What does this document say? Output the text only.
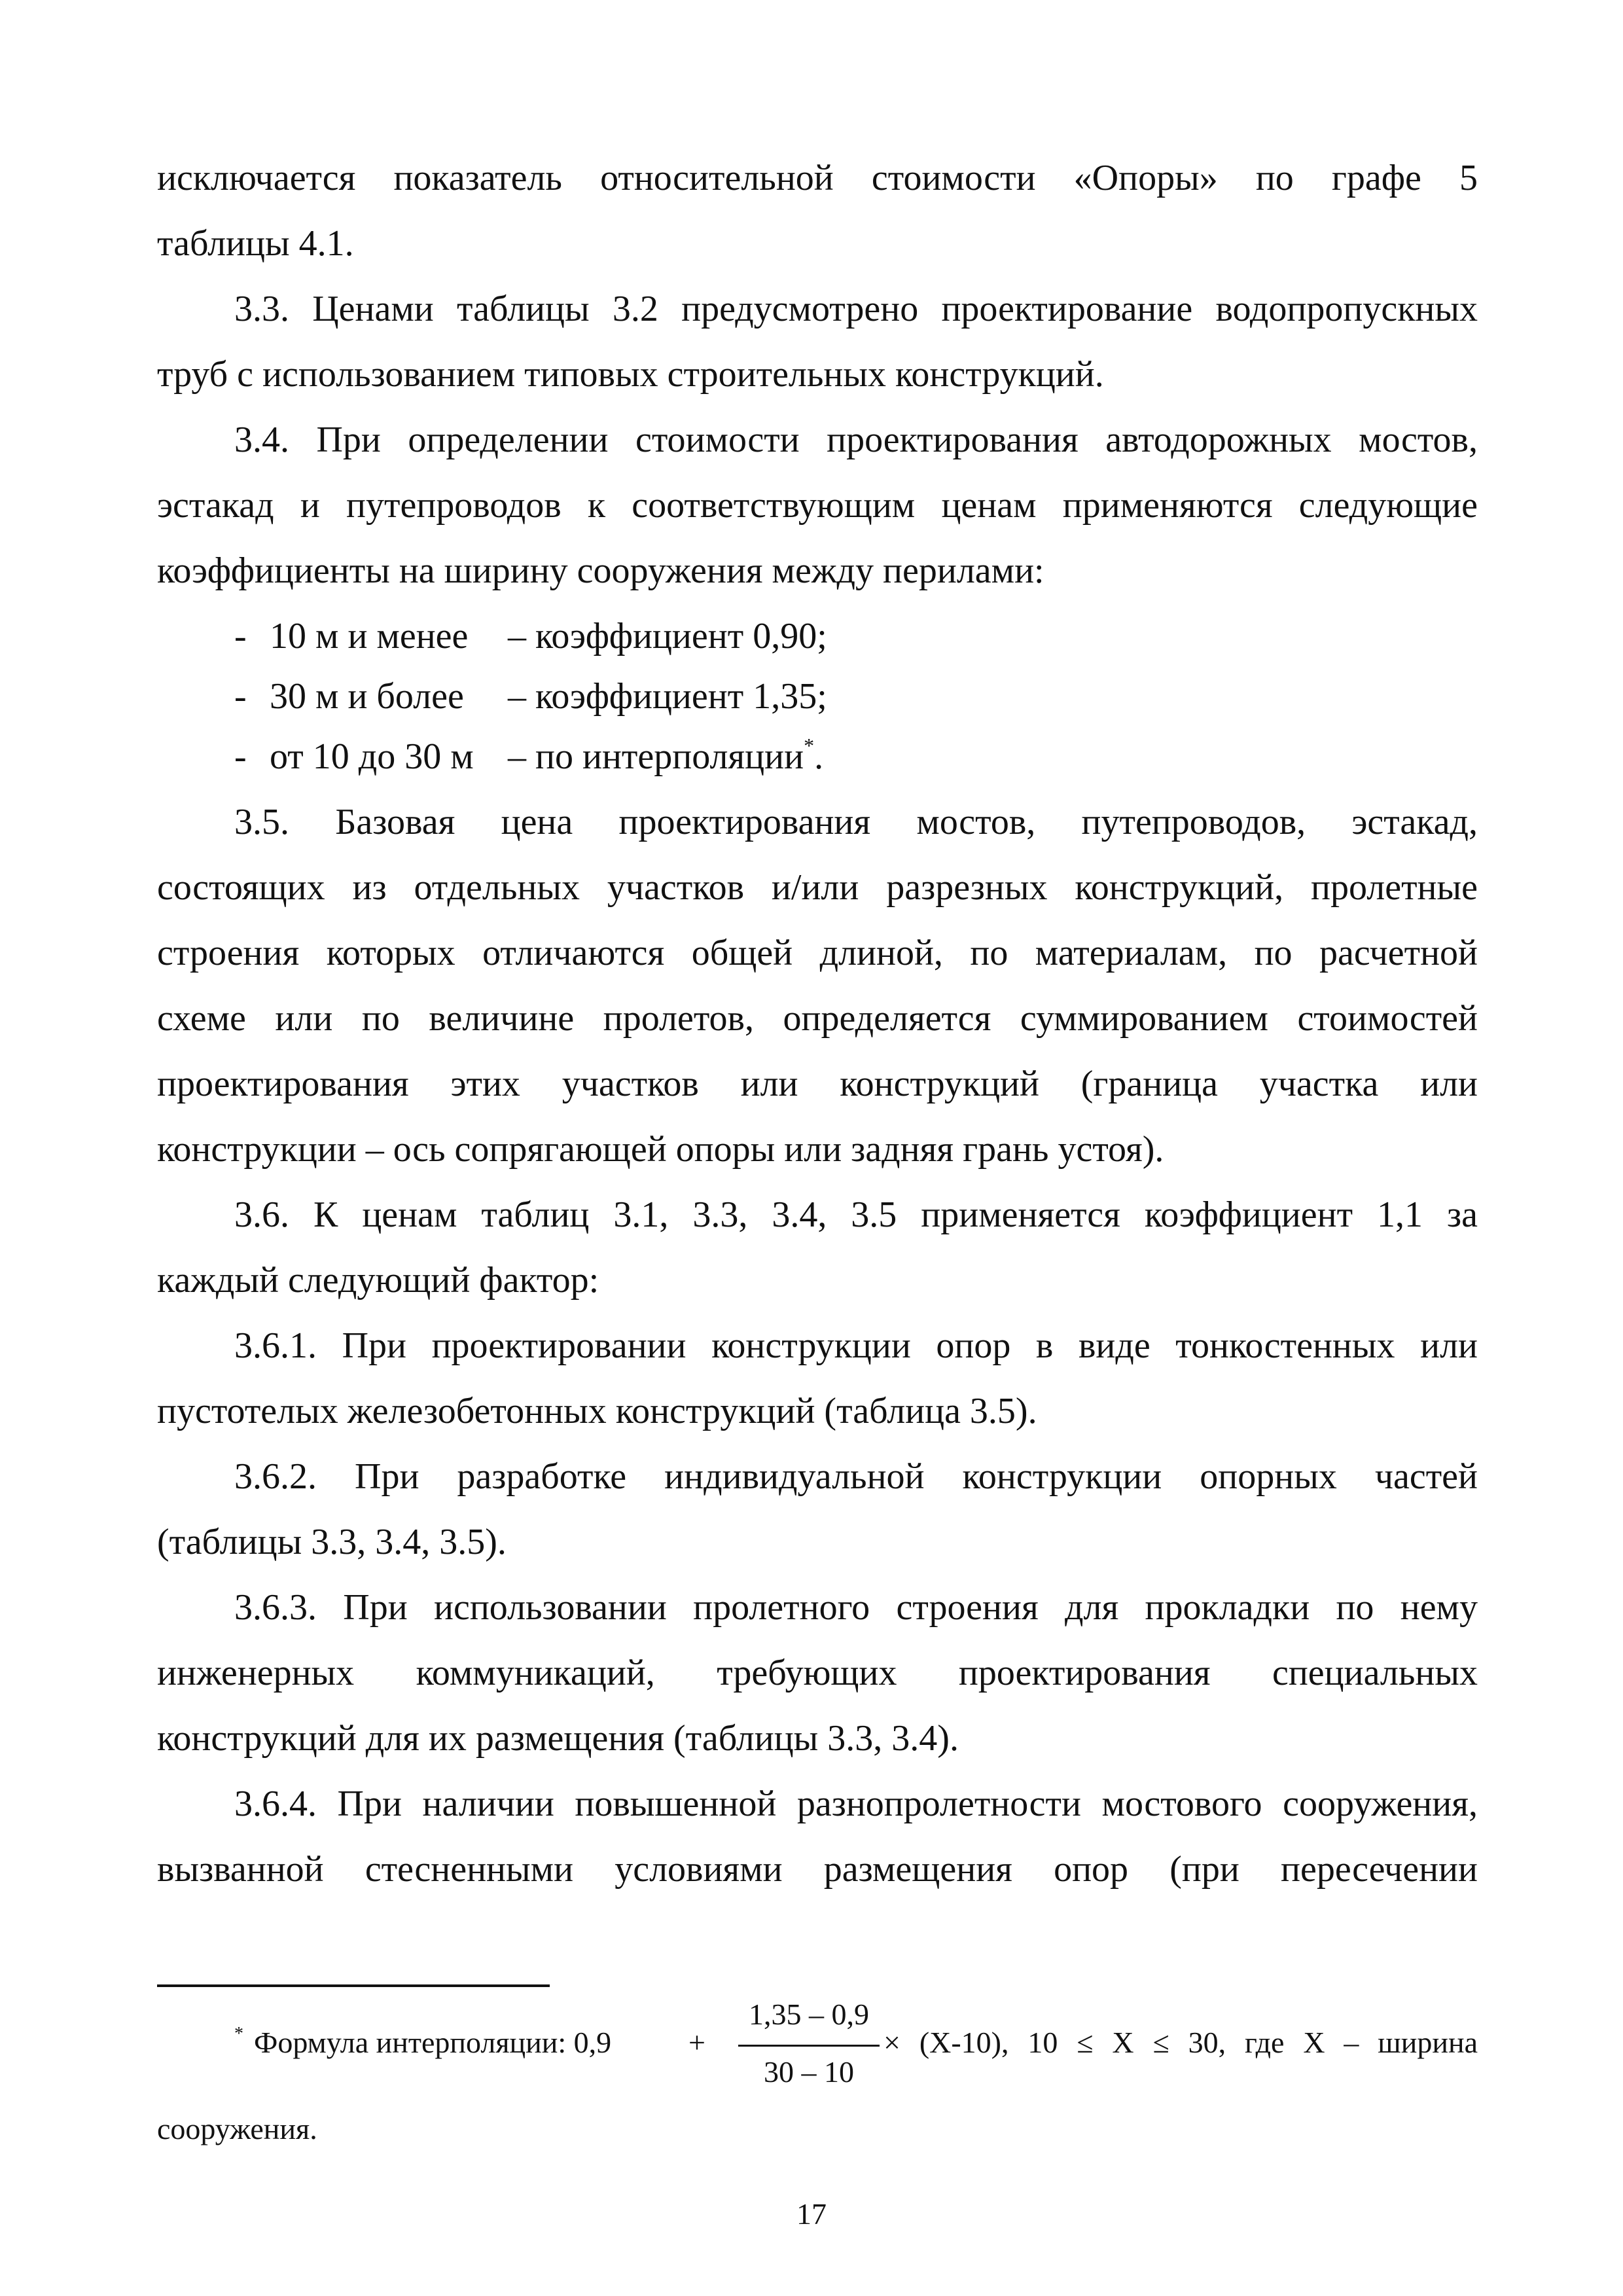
исключается показатель относительной стоимости «Опоры» по графе 5
таблицы 4.1.
3.3. Ценами таблицы 3.2 предусмотрено проектирование водопропускных
труб с использованием типовых строительных конструкций.
3.4. При определении стоимости проектирования автодорожных мостов,
эстакад и путепроводов к соответствующим ценам применяются следующие
коэффициенты на ширину сооружения между перилами:
- 10 м и менее – коэффициент 0,90;
- 30 м и более – коэффициент 1,35;
- от 10 до 30 м – по интерполяции*.
3.5. Базовая цена проектирования мостов, путепроводов, эстакад,
состоящих из отдельных участков и/или разрезных конструкций, пролетные
строения которых отличаются общей длиной, по материалам, по расчетной
схеме или по величине пролетов, определяется суммированием стоимостей
проектирования этих участков или конструкций (граница участка или
конструкции – ось сопрягающей опоры или задняя грань устоя).
3.6. К ценам таблиц 3.1, 3.3, 3.4, 3.5 применяется коэффициент 1,1 за
каждый следующий фактор:
3.6.1. При проектировании конструкции опор в виде тонкостенных или
пустотелых железобетонных конструкций (таблица 3.5).
3.6.2. При разработке индивидуальной конструкции опорных частей
(таблицы 3.3, 3.4, 3.5).
3.6.3. При использовании пролетного строения для прокладки по нему
инженерных коммуникаций, требующих проектирования специальных
конструкций для их размещения (таблицы 3.3, 3.4).
3.6.4. При наличии повышенной разнопролетности мостового сооружения,
вызванной стесненными условиями размещения опор (при пересечении
* Формула интерполяции: 0,9	+
1,35 – 0,9
30 – 10
× (Х-10), 10 ≤ Х ≤ 30, где Х – ширина
сооружения.
17
